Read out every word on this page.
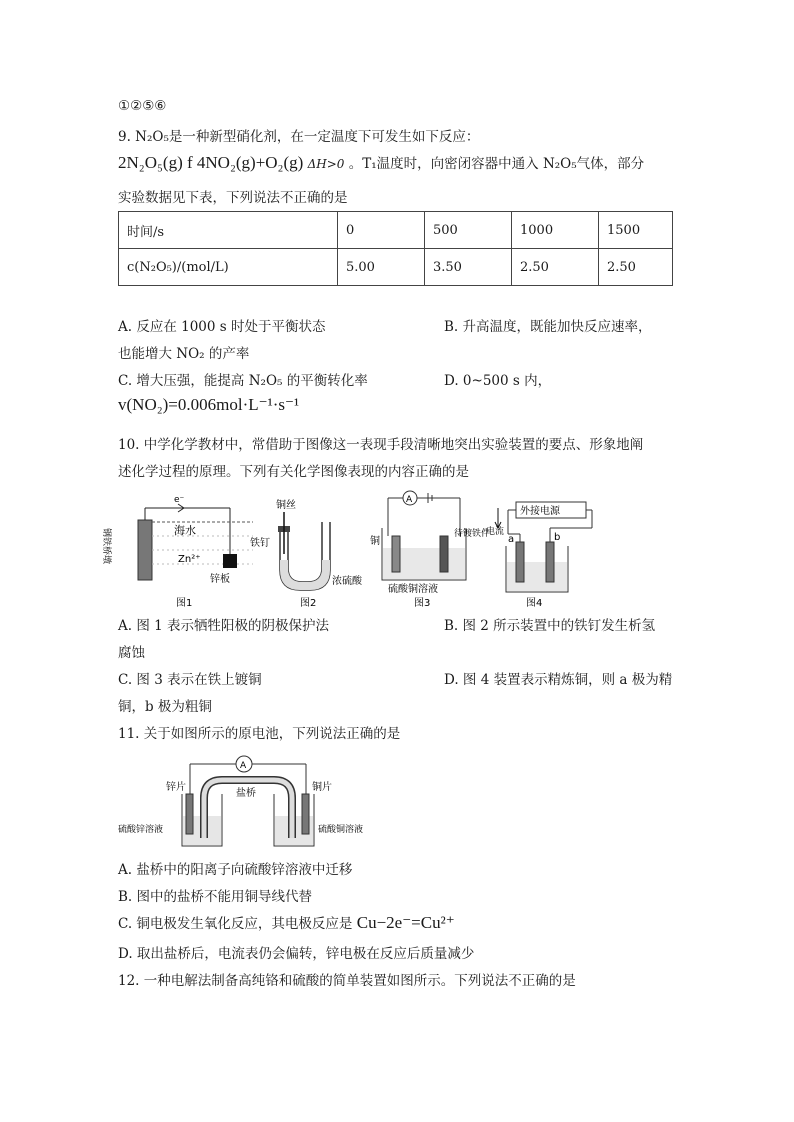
①②⑤⑥
9. N₂O₅是一种新型硝化剂，在一定温度下可发生如下反应：
2N₂O₅(g) f 4NO₂(g)+O₂(g) ΔH>0 。T₁温度时，向密闭容器中通入 N₂O₅气体，部分
实验数据见下表，下列说法不正确的是
时间/s	0	500	1000	1500
c(N₂O₅)/(mol/L)	5.00	3.50	2.50	2.50
A. 反应在 1000 s 时处于平衡状态	B. 升高温度，既能加快反应速率，
也能增大 NO₂ 的产率
C. 增大压强，能提高 N₂O₅ 的平衡转化率	D. 0~500 s 内，
v(NO₂)=0.006mol·L⁻¹·s⁻¹
10. 中学化学教材中，常借助于图像这一表现手段清晰地突出实验装置的要点、形象地阐
述化学过程的原理。下列有关化学图像表现的内容正确的是
e⁻
海水
Zn²⁺
锌板
钢铁桥墩
图1
铜丝
铁钉
浓硫酸
图2
A
铜
待镀铁件
硫酸铜溶液
图3
外接电源
电流
a	b
图4
A. 图 1 表示牺牲阳极的阴极保护法	B. 图 2 所示装置中的铁钉发生析氢
腐蚀
C. 图 3 表示在铁上镀铜	D. 图 4 装置表示精炼铜，则 a 极为精
铜，b 极为粗铜
11. 关于如图所示的原电池，下列说法正确的是
A
锌片
盐桥
铜片
硫酸锌溶液	硫酸铜溶液
A. 盐桥中的阳离子向硫酸锌溶液中迁移
B. 图中的盐桥不能用铜导线代替
C. 铜电极发生氧化反应，其电极反应是 Cu−2e⁻=Cu²⁺
D. 取出盐桥后，电流表仍会偏转，锌电极在反应后质量减少
12. 一种电解法制备高纯铬和硫酸的简单装置如图所示。下列说法不正确的是
